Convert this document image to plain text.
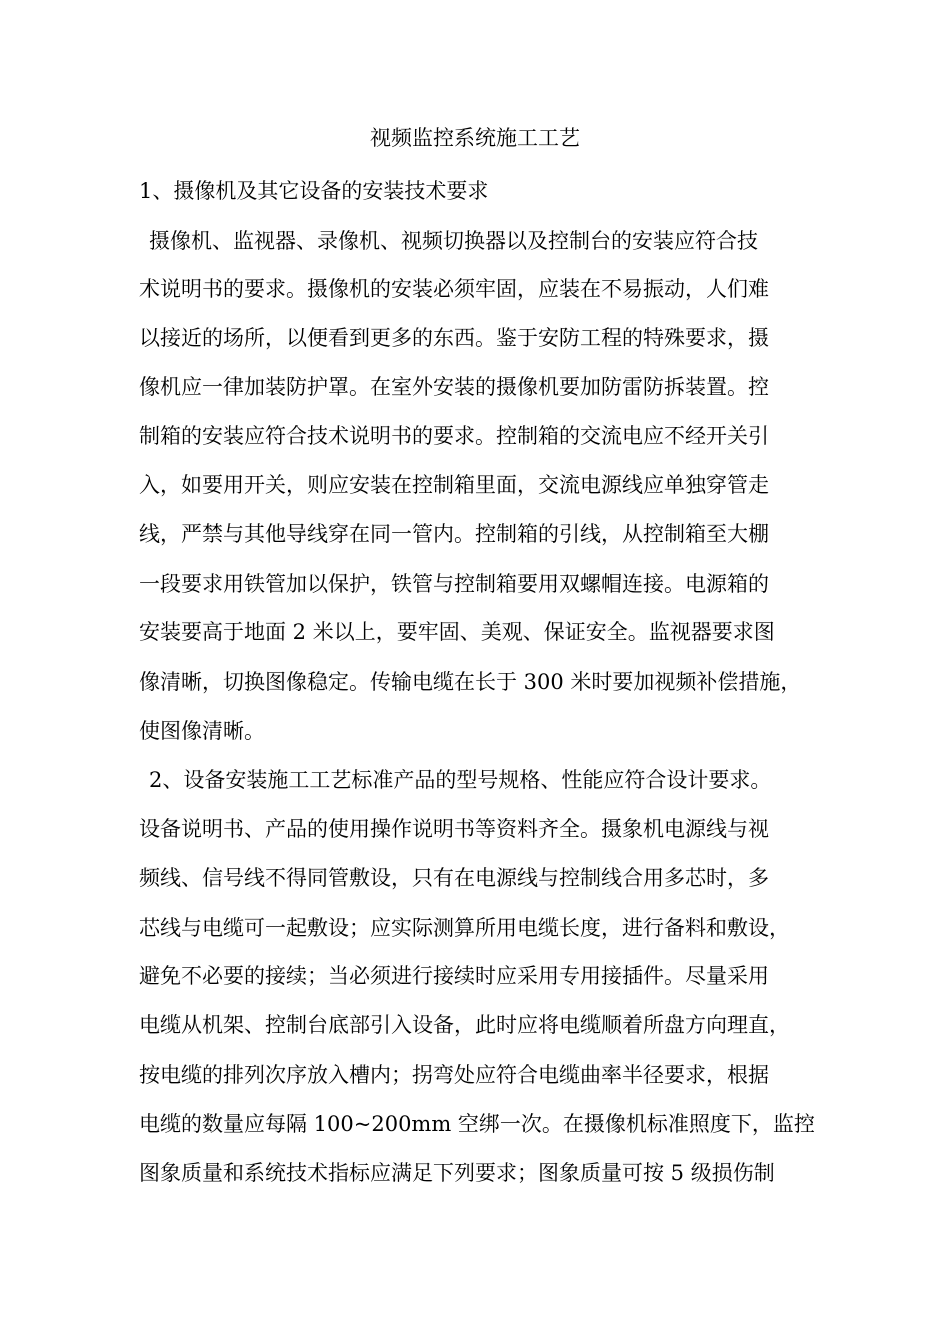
视频监控系统施工工艺
1、摄像机及其它设备的安装技术要求
摄像机、监视器、录像机、视频切换器以及控制台的安装应符合技
术说明书的要求。摄像机的安装必须牢固，应装在不易振动，人们难
以接近的场所，以便看到更多的东西。鉴于安防工程的特殊要求，摄
像机应一律加装防护罩。在室外安装的摄像机要加防雷防拆装置。控
制箱的安装应符合技术说明书的要求。控制箱的交流电应不经开关引
入，如要用开关，则应安装在控制箱里面，交流电源线应单独穿管走
线，严禁与其他导线穿在同一管内。控制箱的引线，从控制箱至大棚
一段要求用铁管加以保护，铁管与控制箱要用双螺帽连接。电源箱的
安装要高于地面 2 米以上，要牢固、美观、保证安全。监视器要求图
像清晰，切换图像稳定。传输电缆在长于 300 米时要加视频补偿措施，
使图像清晰。
2、设备安装施工工艺标准产品的型号规格、性能应符合设计要求。
设备说明书、产品的使用操作说明书等资料齐全。摄象机电源线与视
频线、信号线不得同管敷设，只有在电源线与控制线合用多芯时，多
芯线与电缆可一起敷设；应实际测算所用电缆长度，进行备料和敷设，
避免不必要的接续；当必须进行接续时应采用专用接插件。尽量采用
电缆从机架、控制台底部引入设备，此时应将电缆顺着所盘方向理直，
按电缆的排列次序放入槽内；拐弯处应符合电缆曲率半径要求，根据
电缆的数量应每隔 100~200mm 空绑一次。在摄像机标准照度下，监控
图象质量和系统技术指标应满足下列要求；图象质量可按 5 级损伤制
